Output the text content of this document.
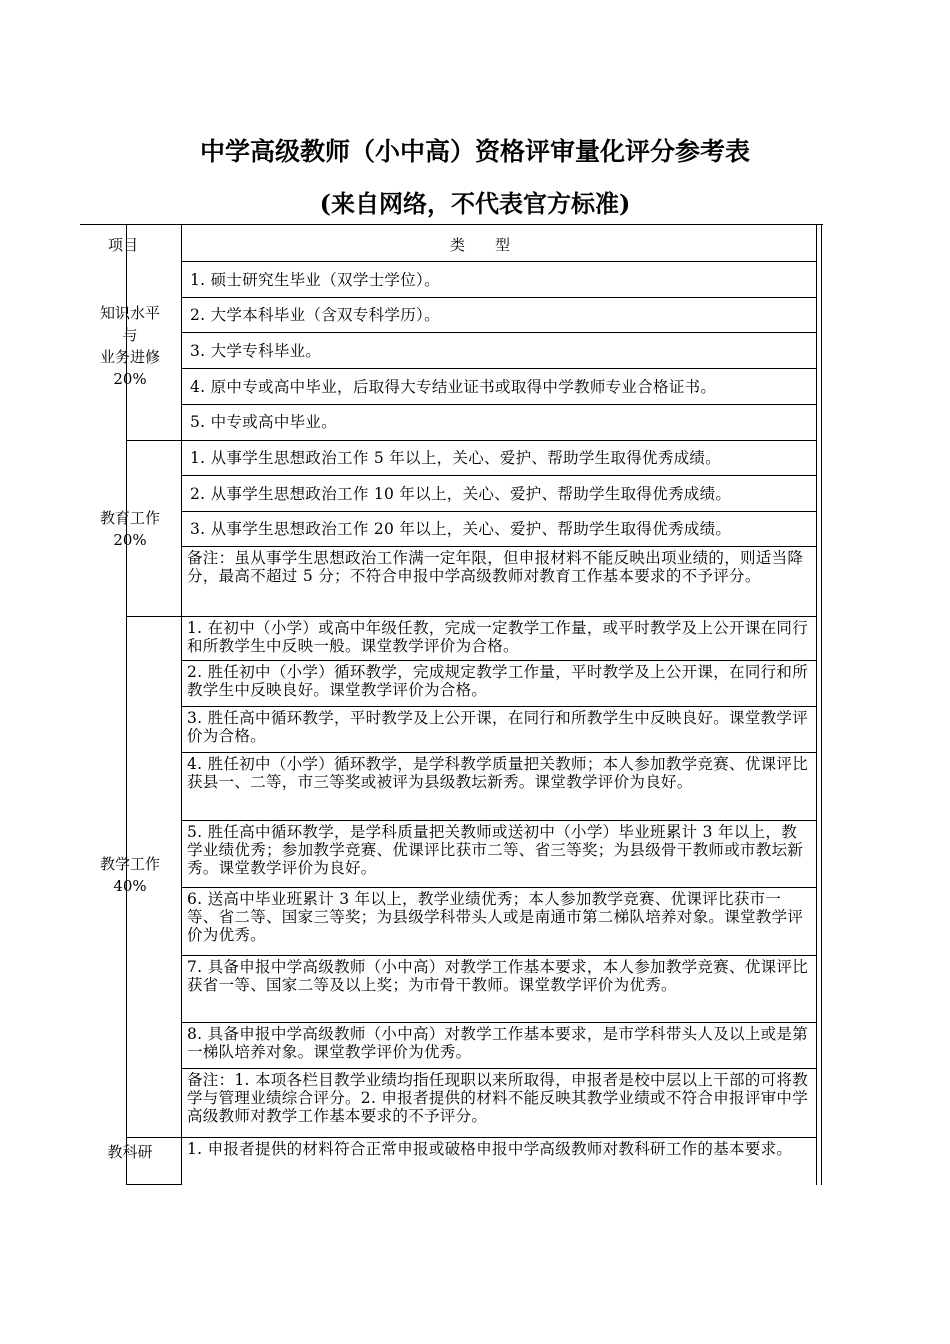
中学高级教师（小中高）资格评审量化评分参考表
(来自网络，不代表官方标准)
项目	类　　型
知识水平
与
业务进修
20%
1. 硕士研究生毕业（双学士学位）。
2. 大学本科毕业（含双专科学历）。
3. 大学专科毕业。
4. 原中专或高中毕业，后取得大专结业证书或取得中学教师专业合格证书。
5. 中专或高中毕业。
教育工作
20%
1. 从事学生思想政治工作 5 年以上，关心、爱护、帮助学生取得优秀成绩。
2. 从事学生思想政治工作 10 年以上，关心、爱护、帮助学生取得优秀成绩。
3. 从事学生思想政治工作 20 年以上，关心、爱护、帮助学生取得优秀成绩。
备注：虽从事学生思想政治工作满一定年限，但申报材料不能反映出项业绩的，则适当降分，最高不超过 5 分；不符合申报中学高级教师对教育工作基本要求的不予评分。
教学工作
40%
1. 在初中（小学）或高中年级任教，完成一定教学工作量，或平时教学及上公开课在同行和所教学生中反映一般。课堂教学评价为合格。
2. 胜任初中（小学）循环教学，完成规定教学工作量，平时教学及上公开课，在同行和所教学生中反映良好。课堂教学评价为合格。
3. 胜任高中循环教学，平时教学及上公开课，在同行和所教学生中反映良好。课堂教学评价为合格。
4. 胜任初中（小学）循环教学，是学科教学质量把关教师；本人参加教学竞赛、优课评比获县一、二等，市三等奖或被评为县级教坛新秀。课堂教学评价为良好。
5. 胜任高中循环教学，是学科质量把关教师或送初中（小学）毕业班累计 3 年以上，教学业绩优秀；参加教学竞赛、优课评比获市二等、省三等奖；为县级骨干教师或市教坛新秀。课堂教学评价为良好。
6. 送高中毕业班累计 3 年以上，教学业绩优秀；本人参加教学竞赛、优课评比获市一等、省二等、国家三等奖；为县级学科带头人或是南通市第二梯队培养对象。课堂教学评价为优秀。
7. 具备申报中学高级教师（小中高）对教学工作基本要求，本人参加教学竞赛、优课评比获省一等、国家二等及以上奖；为市骨干教师。课堂教学评价为优秀。
8. 具备申报中学高级教师（小中高）对教学工作基本要求，是市学科带头人及以上或是第一梯队培养对象。课堂教学评价为优秀。
备注：1. 本项各栏目教学业绩均指任现职以来所取得，申报者是校中层以上干部的可将教学与管理业绩综合评分。2. 申报者提供的材料不能反映其教学业绩或不符合申报评审中学高级教师对教学工作基本要求的不予评分。
教科研	1. 申报者提供的材料符合正常申报或破格申报中学高级教师对教科研工作的基本要求。
